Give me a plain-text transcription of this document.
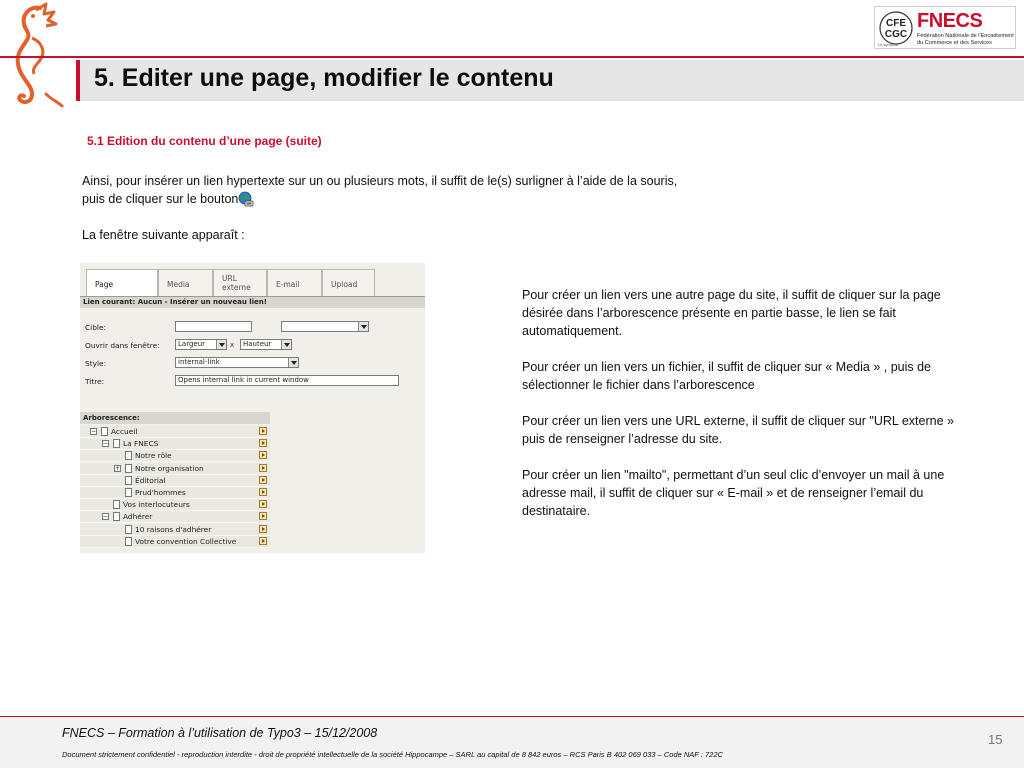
5. Editer une page, modifier le contenu
CFE
CGC
FNECS
Fédération Nationale de l'Encadrement du Commerce et des Services
Le syndicat
5.1 Edition du contenu d’une page (suite)
Ainsi, pour insérer un lien hypertexte sur un ou plusieurs mots, il suffit de le(s) surligner à l’aide de la souris, puis de cliquer sur le bouton
La fenêtre suivante apparaît :
Page	Media
URL
externe	E-mail	Upload
Lien courant: Aucun - Insérer un nouveau lien!
Cible:
Ouvrir dans fenêtre:	Largeur	x	Hauteur
Style:	internal-link
Titre:	Opens internal link in current window
Arborescence:
− Accueil
− La FNECS
Notre rôle
+ Notre organisation
Éditorial
Prud'hommes
Vos interlocuteurs
− Adhérer
10 raisons d'adhérer
Votre convention Collective

Pour créer un lien vers une autre page du site, il suffit de cliquer sur la page désirée dans l’arborescence présente en partie basse, le lien se fait automatiquement.

Pour créer un lien vers un fichier, il suffit de cliquer sur « Media » , puis de sélectionner le fichier dans l’arborescence

Pour créer un lien vers une URL externe, il suffit de cliquer sur "URL externe » puis de renseigner l’adresse du site.

Pour créer un lien "mailto", permettant d’un seul clic d’envoyer un mail à une adresse mail, il suffit de cliquer sur « E-mail » et de renseigner l’email du destinataire.

FNECS – Formation à l’utilisation de Typo3 – 15/12/2008
Document strictement confidentiel - reproduction interdite - droit de propriété intellectuelle de la société Hippocampe – SARL au capital de 8 842 euros – RCS Paris B 402 069 033 – Code NAF : 722C
15
